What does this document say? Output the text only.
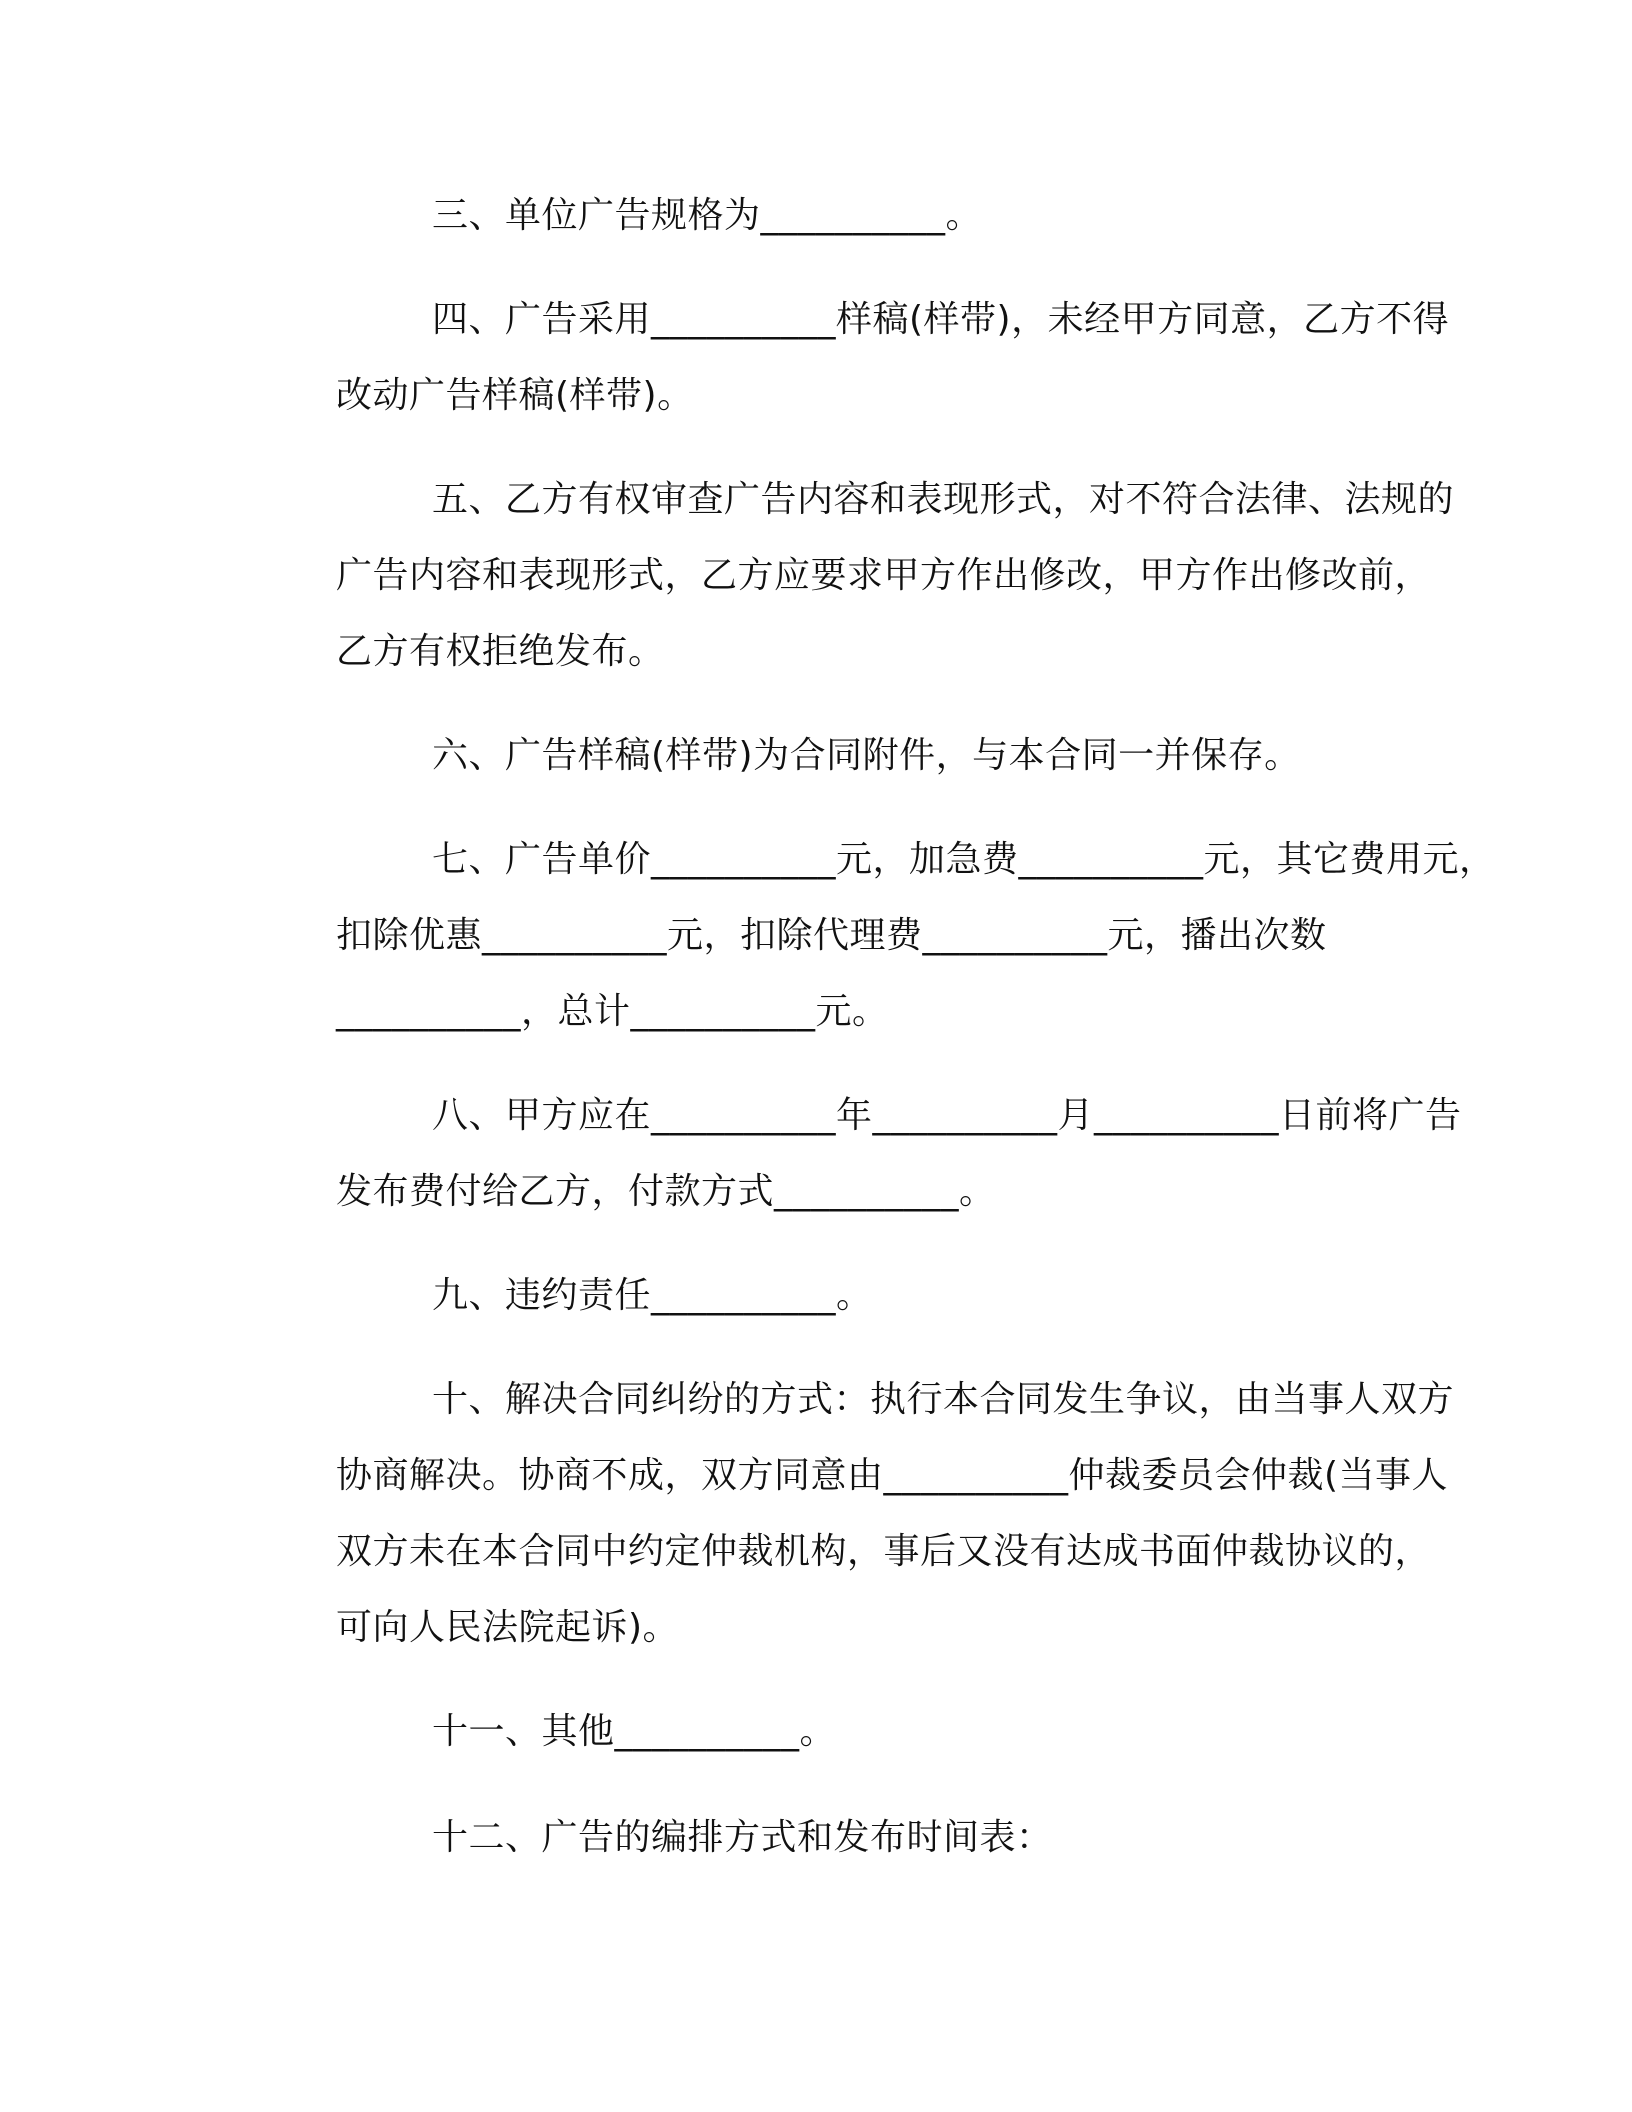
三、单位广告规格为__________。
四、广告采用__________样稿(样带)，未经甲方同意，乙方不得
改动广告样稿(样带)。
五、乙方有权审查广告内容和表现形式，对不符合法律、法规的
广告内容和表现形式，乙方应要求甲方作出修改，甲方作出修改前，
乙方有权拒绝发布。
六、广告样稿(样带)为合同附件，与本合同一并保存。
七、广告单价__________元，加急费__________元，其它费用元，
扣除优惠__________元，扣除代理费__________元，播出次数
__________，总计__________元。
八、甲方应在__________年__________月__________日前将广告
发布费付给乙方，付款方式__________。
九、违约责任__________。
十、解决合同纠纷的方式：执行本合同发生争议，由当事人双方
协商解决。协商不成，双方同意由__________仲裁委员会仲裁(当事人
双方未在本合同中约定仲裁机构，事后又没有达成书面仲裁协议的，
可向人民法院起诉)。
十一、其他__________。
十二、广告的编排方式和发布时间表：
